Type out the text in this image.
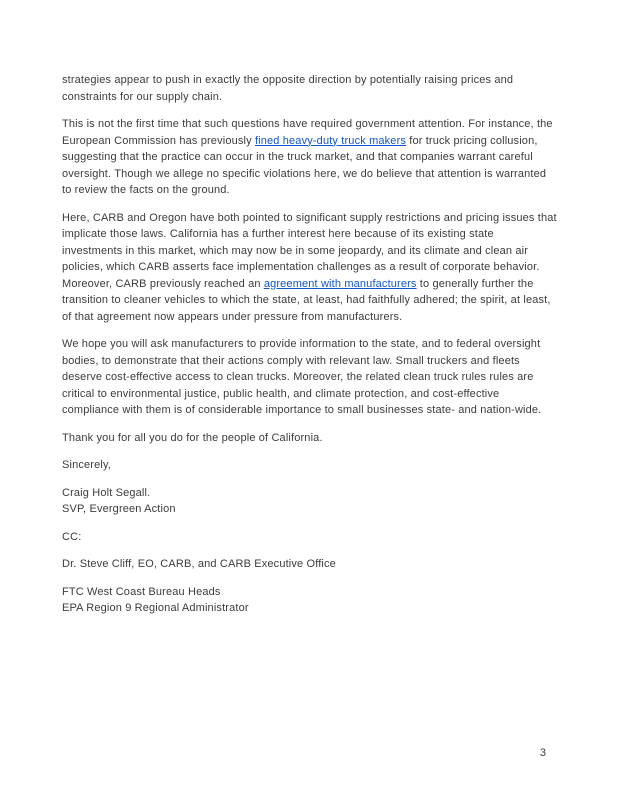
strategies appear to push in exactly the opposite direction by potentially raising prices and constraints for our supply chain.

This is not the first time that such questions have required government attention. For instance, the European Commission has previously fined heavy-duty truck makers for truck pricing collusion, suggesting that the practice can occur in the truck market, and that companies warrant careful oversight. Though we allege no specific violations here, we do believe that attention is warranted to review the facts on the ground.

Here, CARB and Oregon have both pointed to significant supply restrictions and pricing issues that implicate those laws. California has a further interest here because of its existing state investments in this market, which may now be in some jeopardy, and its climate and clean air policies, which CARB asserts face implementation challenges as a result of corporate behavior. Moreover, CARB previously reached an agreement with manufacturers to generally further the transition to cleaner vehicles to which the state, at least, had faithfully adhered; the spirit, at least, of that agreement now appears under pressure from manufacturers.

We hope you will ask manufacturers to provide information to the state, and to federal oversight bodies, to demonstrate that their actions comply with relevant law. Small truckers and fleets deserve cost-effective access to clean trucks. Moreover, the related clean truck rules rules are critical to environmental justice, public health, and climate protection, and cost-effective compliance with them is of considerable importance to small businesses state- and nation-wide.

Thank you for all you do for the people of California.

Sincerely,

Craig Holt Segall.
SVP, Evergreen Action

CC:

Dr. Steve Cliff, EO, CARB, and CARB Executive Office

FTC West Coast Bureau Heads
EPA Region 9 Regional Administrator

3
